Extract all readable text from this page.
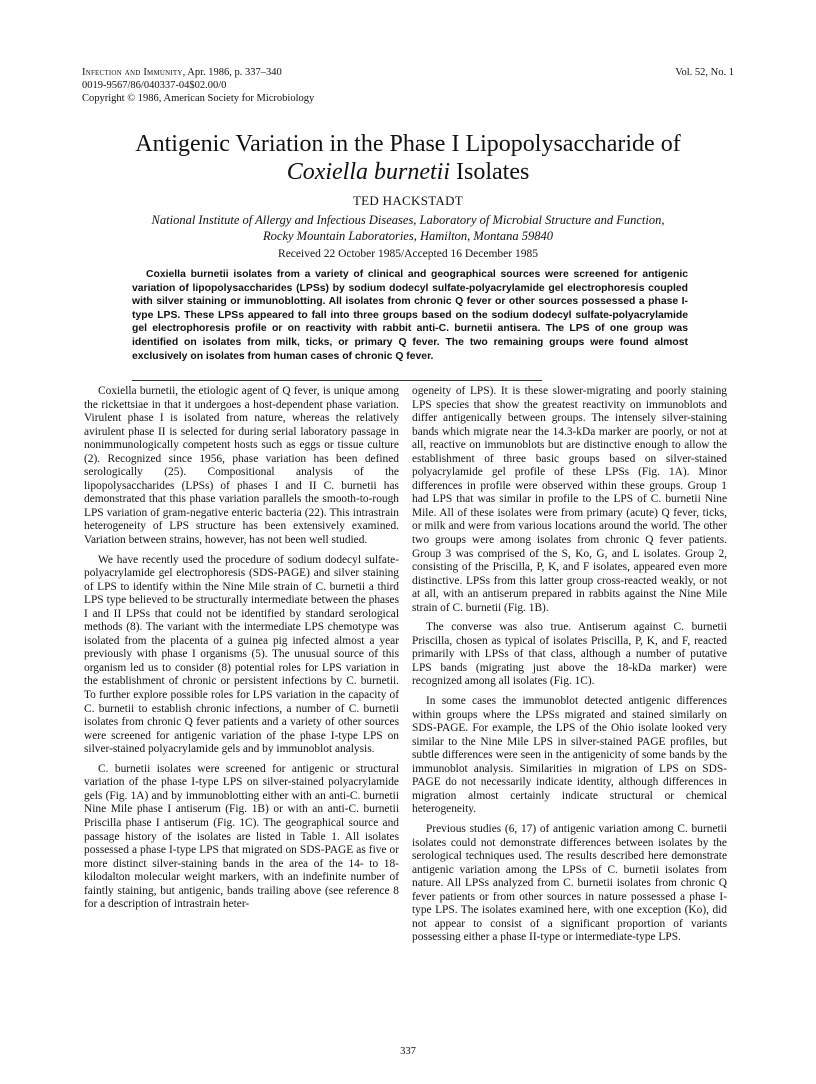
Infection and Immunity, Apr. 1986, p. 337–340	Vol. 52, No. 1
0019-9567/86/040337-04$02.00/0
Copyright © 1986, American Society for Microbiology
Antigenic Variation in the Phase I Lipopolysaccharide of
Coxiella burnetii Isolates
TED HACKSTADT
National Institute of Allergy and Infectious Diseases, Laboratory of Microbial Structure and Function,
Rocky Mountain Laboratories, Hamilton, Montana 59840
Received 22 October 1985/Accepted 16 December 1985

Coxiella burnetii isolates from a variety of clinical and geographical sources were screened for antigenic variation of lipopolysaccharides (LPSs) by sodium dodecyl sulfate-polyacrylamide gel electrophoresis coupled with silver staining or immunoblotting. All isolates from chronic Q fever or other sources possessed a phase I-type LPS. These LPSs appeared to fall into three groups based on the sodium dodecyl sulfate-polyacrylamide gel electrophoresis profile or on reactivity with rabbit anti-C. burnetii antisera. The LPS of one group was identified on isolates from milk, ticks, or primary Q fever. The two remaining groups were found almost exclusively on isolates from human cases of chronic Q fever.

Coxiella burnetii, the etiologic agent of Q fever, is unique among the rickettsiae in that it undergoes a host-dependent phase variation. Virulent phase I is isolated from nature, whereas the relatively avirulent phase II is selected for during serial laboratory passage in nonimmunologically competent hosts such as eggs or tissue culture (2). Recognized since 1956, phase variation has been defined serologically (25). Compositional analysis of the lipopolysaccharides (LPSs) of phases I and II C. burnetii has demonstrated that this phase variation parallels the smooth-to-rough LPS variation of gram-negative enteric bacteria (22). This intrastrain heterogeneity of LPS structure has been extensively examined. Variation between strains, however, has not been well studied.

We have recently used the procedure of sodium dodecyl sulfate-polyacrylamide gel electrophoresis (SDS-PAGE) and silver staining of LPS to identify within the Nine Mile strain of C. burnetii a third LPS type believed to be structurally intermediate between the phases I and II LPSs that could not be identified by standard serological methods (8). The variant with the intermediate LPS chemotype was isolated from the placenta of a guinea pig infected almost a year previously with phase I organisms (5). The unusual source of this organism led us to consider (8) potential roles for LPS variation in the establishment of chronic or persistent infections by C. burnetii. To further explore possible roles for LPS variation in the capacity of C. burnetii to establish chronic infections, a number of C. burnetii isolates from chronic Q fever patients and a variety of other sources were screened for antigenic variation of the phase I-type LPS on silver-stained polyacrylamide gels and by immunoblot analysis.

C. burnetii isolates were screened for antigenic or structural variation of the phase I-type LPS on silver-stained polyacrylamide gels (Fig. 1A) and by immunoblotting either with an anti-C. burnetii Nine Mile phase I antiserum (Fig. 1B) or with an anti-C. burnetii Priscilla phase I antiserum (Fig. 1C). The geographical source and passage history of the isolates are listed in Table 1. All isolates possessed a phase I-type LPS that migrated on SDS-PAGE as five or more distinct silver-staining bands in the area of the 14- to 18-kilodalton molecular weight markers, with an indefinite number of faintly staining, but antigenic, bands trailing above (see reference 8 for a description of intrastrain heter-

ogeneity of LPS). It is these slower-migrating and poorly staining LPS species that show the greatest reactivity on immunoblots and differ antigenically between groups. The intensely silver-staining bands which migrate near the 14.3-kDa marker are poorly, or not at all, reactive on immunoblots but are distinctive enough to allow the establishment of three basic groups based on silver-stained polyacrylamide gel profile of these LPSs (Fig. 1A). Minor differences in profile were observed within these groups. Group 1 had LPS that was similar in profile to the LPS of C. burnetii Nine Mile. All of these isolates were from primary (acute) Q fever, ticks, or milk and were from various locations around the world. The other two groups were among isolates from chronic Q fever patients. Group 3 was comprised of the S, Ko, G, and L isolates. Group 2, consisting of the Priscilla, P, K, and F isolates, appeared even more distinctive. LPSs from this latter group cross-reacted weakly, or not at all, with an antiserum prepared in rabbits against the Nine Mile strain of C. burnetii (Fig. 1B).

The converse was also true. Antiserum against C. burnetii Priscilla, chosen as typical of isolates Priscilla, P, K, and F, reacted primarily with LPSs of that class, although a number of putative LPS bands (migrating just above the 18-kDa marker) were recognized among all isolates (Fig. 1C).

In some cases the immunoblot detected antigenic differences within groups where the LPSs migrated and stained similarly on SDS-PAGE. For example, the LPS of the Ohio isolate looked very similar to the Nine Mile LPS in silver-stained PAGE profiles, but subtle differences were seen in the antigenicity of some bands by the immunoblot analysis. Similarities in migration of LPS on SDS-PAGE do not necessarily indicate identity, although differences in migration almost certainly indicate structural or chemical heterogeneity.

Previous studies (6, 17) of antigenic variation among C. burnetii isolates could not demonstrate differences between isolates by the serological techniques used. The results described here demonstrate antigenic variation among the LPSs of C. burnetii isolates from nature. All LPSs analyzed from C. burnetii isolates from chronic Q fever patients or from other sources in nature possessed a phase I-type LPS. The isolates examined here, with one exception (Ko), did not appear to consist of a significant proportion of variants possessing either a phase II-type or intermediate-type LPS.

337
